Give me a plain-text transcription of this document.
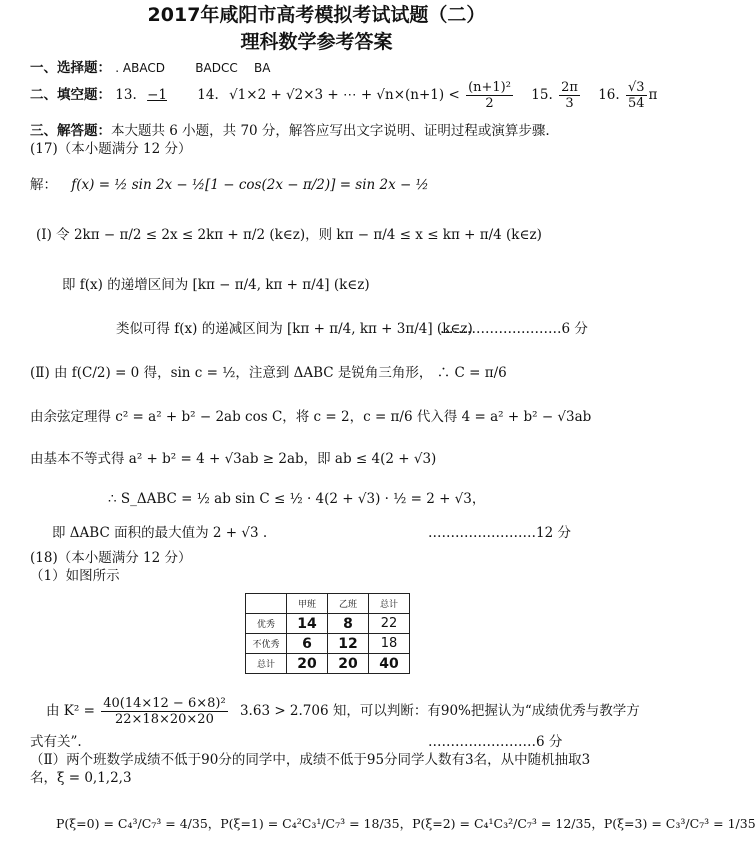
2017年咸阳市高考模拟考试试题（二）
理科数学参考答案
一、选择题： . ABACD	BADCC BA
二、填空题： 13. −1 14. √1×2 + √2×3 + ⋯ + $√n\times(n+1) < \frac{\text{(n+1)²}}{2} 15$. $\frac{2\pi}{3} 16$. $\frac{√3}{54}$ π
三、解答题：本大题共 6 小题，共 70 分，解答应写出文字说明、证明过程或演算步骤.
(17)（本小题满分 12 分）
解： f(x) = ½ sin 2x − ½[1 − cos(2x − π/2)] = sin 2x − ½
(Ⅰ) 令 2kπ − π/2 ≤ 2x ≤ 2kπ + π/2 (k∈z)，则 kπ − π/4 ≤ x ≤ kπ + π/4 (k∈z)
即 f(x) 的递增区间为 [kπ − π/4, kπ + π/4] (k∈z)
类似可得 f(x) 的递减区间为 [kπ + π/4, kπ + 3π/4] (k∈z)
………………………6 分
(Ⅱ) 由 f(C/2) = 0 得，sin c = ½，注意到 ΔABC 是锐角三角形， ∴ C = π/6
由余弦定理得 c² = a² + b² − 2ab cos C，将 c = 2，c = π/6 代入得 4 = a² + b² − √3ab
由基本不等式得 a² + b² = 4 + √3ab ≥ 2ab，即 ab ≤ 4(2 + √3)
∴ S_ΔABC = ½ ab sin C ≤ ½ · 4(2 + √3) · ½ = 2 + √3，
即 ΔABC 面积的最大值为 2 + √3 .	……………………12 分
(18)（本小题满分 12 分）
（1）如图所示
	甲班	乙班	总计
优秀	14	8	22
不优秀	6	12	18
总计	20	20	40
由 $K^2 = \frac{\text{40(14×12 − 6×8)²}}{22\times 18\times 20\times 20} 3.63 > 2.706$ 知，可以判断：有90%把握认为“成绩优秀与教学方
式有关”.	……………………6 分
（Ⅱ）两个班数学成绩不低于90分的同学中，成绩不低于95分同学人数有3名，从中随机抽取3
名，ξ = 0,1,2,3
P(ξ=0) = C₄³/C₇³ = 4/35，P(ξ=1) = C₄²C₃¹/C₇³ = 18/35，P(ξ=2) = C₄¹C₃²/C₇³ = 12/35，P(ξ=3) = C₃³/C₇³ = 1/35
